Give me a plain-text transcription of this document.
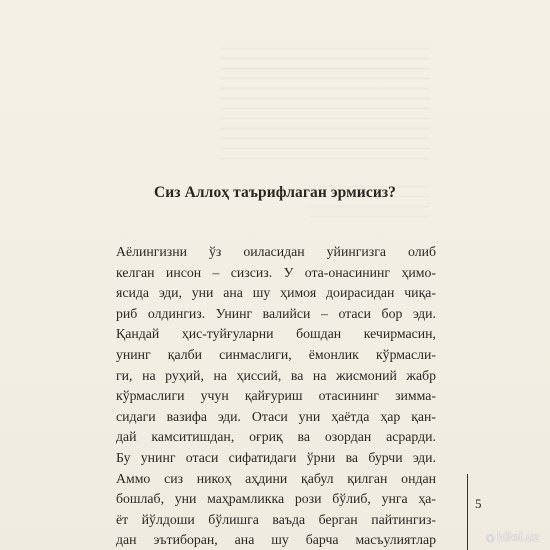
Сиз Аллоҳ таърифлаган эрмисиз?
Аёлингизни ўз оиласидан уйингизга олиб
келган инсон – сизсиз. У ота-онасининг ҳимо-
ясида эди, уни ана шу ҳимоя доирасидан чиқа-
риб олдингиз. Унинг валийси – отаси бор эди.
Қандай ҳис-туйғуларни бошдан кечирмасин,
унинг қалби синмаслиги, ёмонлик кўрмасли-
ги, на руҳий, на ҳиссий, ва на жисмоний жабр
кўрмаслиги учун қайғуриш отасининг зимма-
сидаги вазифа эди. Отаси уни ҳаётда ҳар қан-
дай камситишдан, оғриқ ва озордан асрарди.
Бу унинг отаси сифатидаги ўрни ва бурчи эди.
Аммо сиз никоҳ аҳдини қабул қилган ондан
бошлаб, уни маҳрамликка рози бўлиб, унга ҳа-
ёт йўлдоши бўлишга ваъда берган пайтингиз-
дан эътиборан, ана шу барча масъулиятлар
5
◉ hilol.uz
